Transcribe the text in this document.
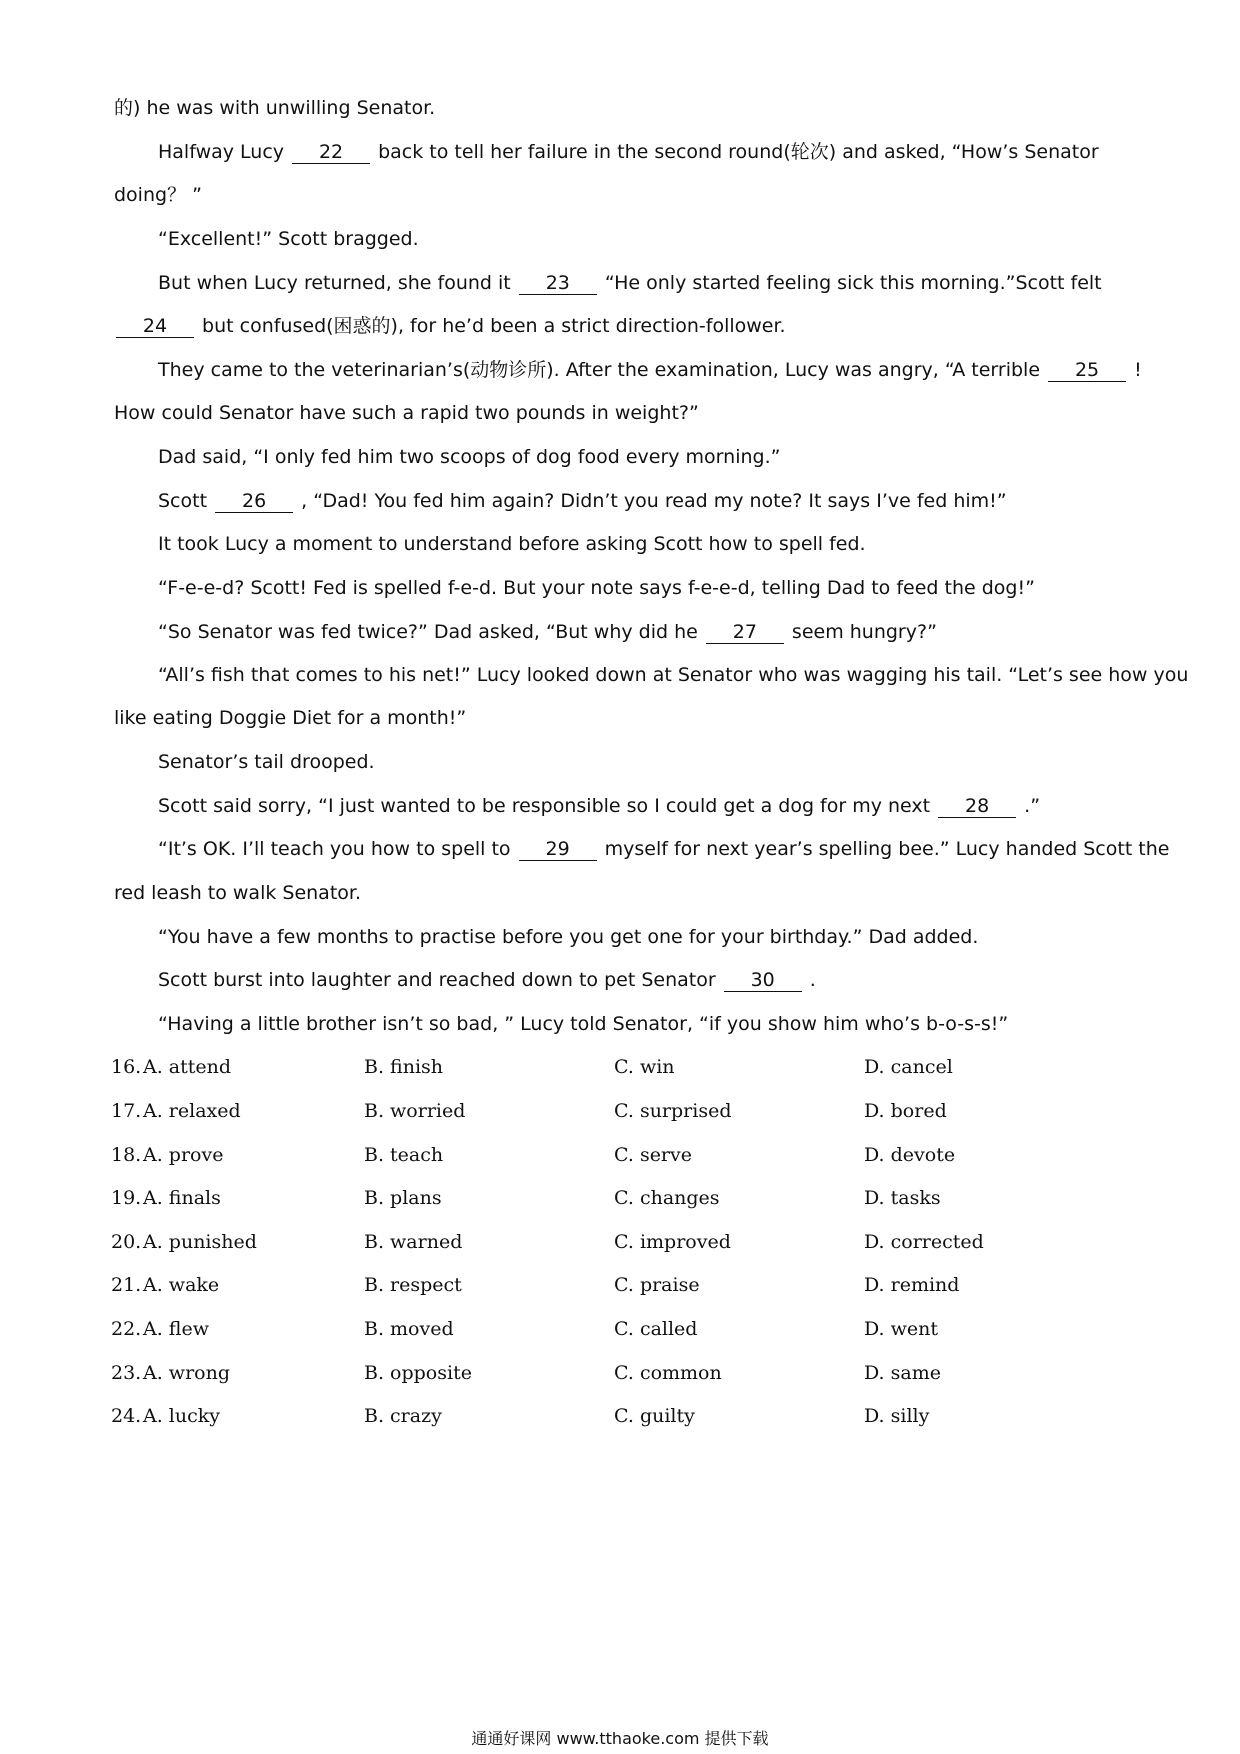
的) he was with unwilling Senator.
Halfway Lucy 22 back to tell her failure in the second round(轮次) and asked, “How’s Senator
doing？ ”
“Excellent!” Scott bragged.
But when Lucy returned, she found it 23 “He only started feeling sick this morning.”Scott felt
24 but confused(困惑的), for he’d been a strict direction-follower.
They came to the veterinarian’s(动物诊所). After the examination, Lucy was angry, “A terrible 25 !
How could Senator have such a rapid two pounds in weight?”
Dad said, “I only fed him two scoops of dog food every morning.”
Scott 26 , “Dad! You fed him again? Didn’t you read my note? It says I’ve fed him!”
It took Lucy a moment to understand before asking Scott how to spell fed.
“F-e-e-d? Scott! Fed is spelled f-e-d. But your note says f-e-e-d, telling Dad to feed the dog!”
“So Senator was fed twice?” Dad asked, “But why did he 27 seem hungry?”
“All’s fish that comes to his net!” Lucy looked down at Senator who was wagging his tail. “Let’s see how you
like eating Doggie Diet for a month!”
Senator’s tail drooped.
Scott said sorry, “I just wanted to be responsible so I could get a dog for my next 28 .”
“It’s OK. I’ll teach you how to spell to 29 myself for next year’s spelling bee.” Lucy handed Scott the
red leash to walk Senator.
“You have a few months to practise before you get one for your birthday.” Dad added.
Scott burst into laughter and reached down to pet Senator 30 .
“Having a little brother isn’t so bad, ” Lucy told Senator, “if you show him who’s b-o-s-s!”
16. A. attend	B. finish	C. win	D. cancel
17. A. relaxed	B. worried	C. surprised	D. bored
18. A. prove	B. teach	C. serve	D. devote
19. A. finals	B. plans	C. changes	D. tasks
20. A. punished	B. warned	C. improved	D. corrected
21. A. wake	B. respect	C. praise	D. remind
22. A. flew	B. moved	C. called	D. went
23. A. wrong	B. opposite	C. common	D. same
24. A. lucky	B. crazy	C. guilty	D. silly
通通好课网 www.tthaoke.com 提供下载
